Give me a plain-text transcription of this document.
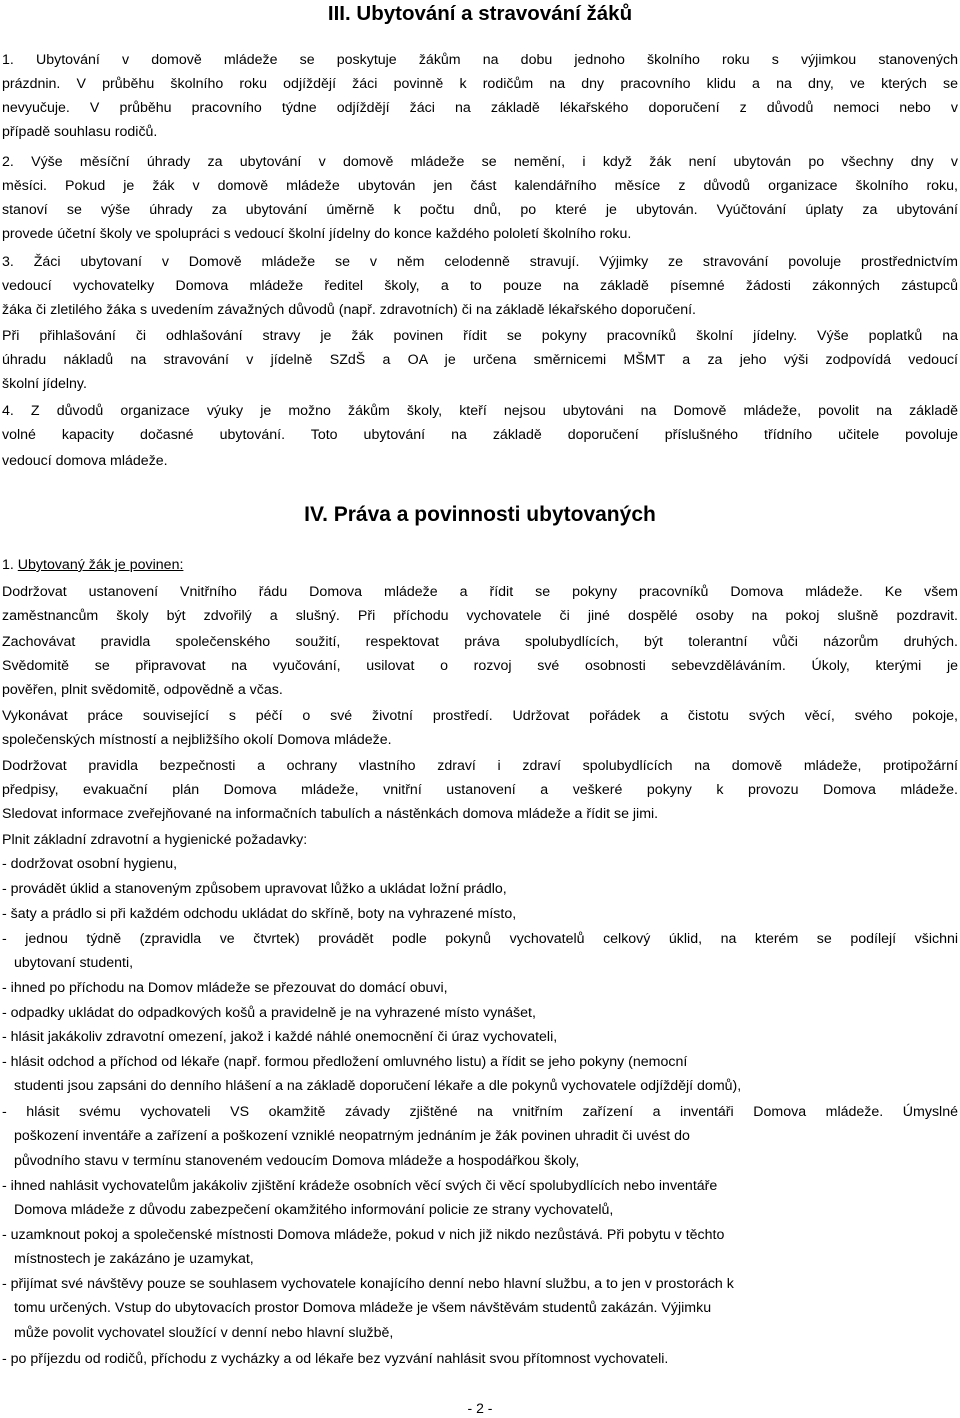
III. Ubytování a stravování žáků
1. Ubytování v domově mládeže se poskytuje žákům na dobu jednoho školního roku s výjimkou stanovených
prázdnin. V průběhu školního roku odjíždějí žáci povinně k rodičům na dny pracovního klidu a na dny, ve kterých se
nevyučuje. V průběhu pracovního týdne odjíždějí žáci na základě lékařského doporučení z důvodů nemoci nebo v
případě souhlasu rodičů.
2. Výše měsíční úhrady za ubytování v domově mládeže se nemění, i když žák není ubytován po všechny dny v
měsíci. Pokud je žák v domově mládeže ubytován jen část kalendářního měsíce z důvodů organizace školního roku,
stanoví se výše úhrady za ubytování úměrně k počtu dnů, po které je ubytován. Vyúčtování úplaty za ubytování
provede účetní školy ve spolupráci s vedoucí školní jídelny do konce každého pololetí školního roku.
3. Žáci ubytovaní v Domově mládeže se v něm celodenně stravují. Výjimky ze stravování povoluje prostřednictvím
vedoucí vychovatelky Domova mládeže ředitel školy, a to pouze na základě písemné žádosti zákonných zástupců
žáka či zletilého žáka s uvedením závažných důvodů (např. zdravotních) či na základě lékařského doporučení.
Při přihlašování či odhlašování stravy je žák povinen řídit se pokyny pracovníků školní jídelny. Výše poplatků na
úhradu nákladů na stravování v jídelně SZdŠ a OA je určena směrnicemi MŠMT a za jeho výši zodpovídá vedoucí
školní jídelny.
4. Z důvodů organizace výuky je možno žákům školy, kteří nejsou ubytováni na Domově mládeže, povolit na základě
volné kapacity dočasné ubytování. Toto ubytování na základě doporučení příslušného třídního učitele povoluje
vedoucí domova mládeže.
IV. Práva a povinnosti ubytovaných
1. Ubytovaný žák je povinen:
Dodržovat ustanovení Vnitřního řádu Domova mládeže a řídit se pokyny pracovníků Domova mládeže. Ke všem
zaměstnancům školy být zdvořilý a slušný. Při příchodu vychovatele či jiné dospělé osoby na pokoj slušně pozdravit.
Zachovávat pravidla společenského soužití, respektovat práva spolubydlících, být tolerantní vůči názorům druhých.
Svědomitě se připravovat na vyučování, usilovat o rozvoj své osobnosti sebevzděláváním. Úkoly, kterými je
pověřen, plnit svědomitě, odpovědně a včas.
Vykonávat práce související s péčí o své životní prostředí. Udržovat pořádek a čistotu svých věcí, svého pokoje,
společenských místností a nejbližšího okolí Domova mládeže.
Dodržovat pravidla bezpečnosti a ochrany vlastního zdraví i zdraví spolubydlících na domově mládeže, protipožární
předpisy, evakuační plán Domova mládeže, vnitřní ustanovení a veškeré pokyny k provozu Domova mládeže.
Sledovat informace zveřejňované na informačních tabulích a nástěnkách domova mládeže a řídit se jimi.
Plnit základní zdravotní a hygienické požadavky:
- dodržovat osobní hygienu,
- provádět úklid a stanoveným způsobem upravovat lůžko a ukládat ložní prádlo,
- šaty a prádlo si při každém odchodu ukládat do skříně, boty na vyhrazené místo,
- jednou týdně (zpravidla ve čtvrtek) provádět podle pokynů vychovatelů celkový úklid, na kterém se podílejí všichni
ubytovaní studenti,
- ihned po příchodu na Domov mládeže se přezouvat do domácí obuvi,
- odpadky ukládat do odpadkových košů a pravidelně je na vyhrazené místo vynášet,
- hlásit jakákoliv zdravotní omezení, jakož i každé náhlé onemocnění či úraz vychovateli,
- hlásit odchod a příchod od lékaře (např. formou předložení omluvného listu) a řídit se jeho pokyny (nemocní
studenti jsou zapsáni do denního hlášení a na základě doporučení lékaře a dle pokynů vychovatele odjíždějí domů),
- hlásit svému vychovateli VS okamžitě závady zjištěné na vnitřním zařízení a inventáři Domova mládeže. Úmyslné
poškození inventáře a zařízení a poškození vzniklé neopatrným jednáním je žák povinen uhradit či uvést do
původního stavu v termínu stanoveném vedoucím Domova mládeže a hospodářkou školy,
- ihned nahlásit vychovatelům jakákoliv zjištění krádeže osobních věcí svých či věcí spolubydlících nebo inventáře
Domova mládeže z důvodu zabezpečení okamžitého informování policie ze strany vychovatelů,
- uzamknout pokoj a společenské místnosti Domova mládeže, pokud v nich již nikdo nezůstává. Při pobytu v těchto
místnostech je zakázáno je uzamykat,
- přijímat své návštěvy pouze se souhlasem vychovatele konajícího denní nebo hlavní službu, a to jen v prostorách k
tomu určených. Vstup do ubytovacích prostor Domova mládeže je všem návštěvám studentů zakázán. Výjimku
může povolit vychovatel sloužící v denní nebo hlavní službě,
- po příjezdu od rodičů, příchodu z vycházky a od lékaře bez vyzvání nahlásit svou přítomnost vychovateli.
- 2 -
